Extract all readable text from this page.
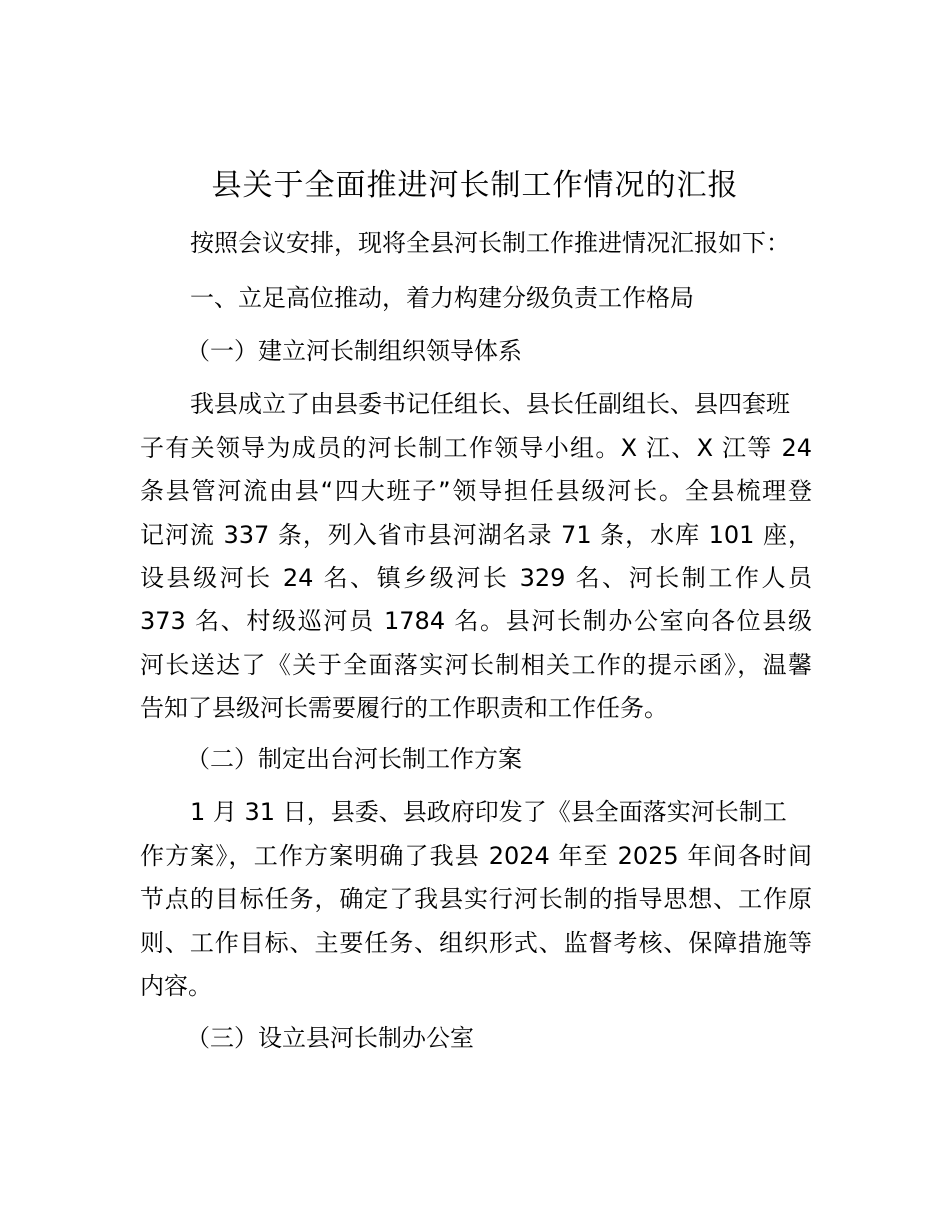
县关于全面推进河长制工作情况的汇报
按照会议安排，现将全县河长制工作推进情况汇报如下：
一、立足高位推动，着力构建分级负责工作格局
（一）建立河长制组织领导体系
我县成立了由县委书记任组长、县长任副组长、县四套班
子有关领导为成员的河长制工作领导小组。X 江、X 江等 24
条县管河流由县“四大班子”领导担任县级河长。全县梳理登
记河流 337 条，列入省市县河湖名录 71 条，水库 101 座，
设县级河长 24 名、镇乡级河长 329 名、河长制工作人员
373 名、村级巡河员 1784 名。县河长制办公室向各位县级
河长送达了《关于全面落实河长制相关工作的提示函》，温馨
告知了县级河长需要履行的工作职责和工作任务。
（二）制定出台河长制工作方案
1 月 31 日，县委、县政府印发了《县全面落实河长制工
作方案》，工作方案明确了我县 2024 年至 2025 年间各时间
节点的目标任务，确定了我县实行河长制的指导思想、工作原
则、工作目标、主要任务、组织形式、监督考核、保障措施等
内容。
（三）设立县河长制办公室
